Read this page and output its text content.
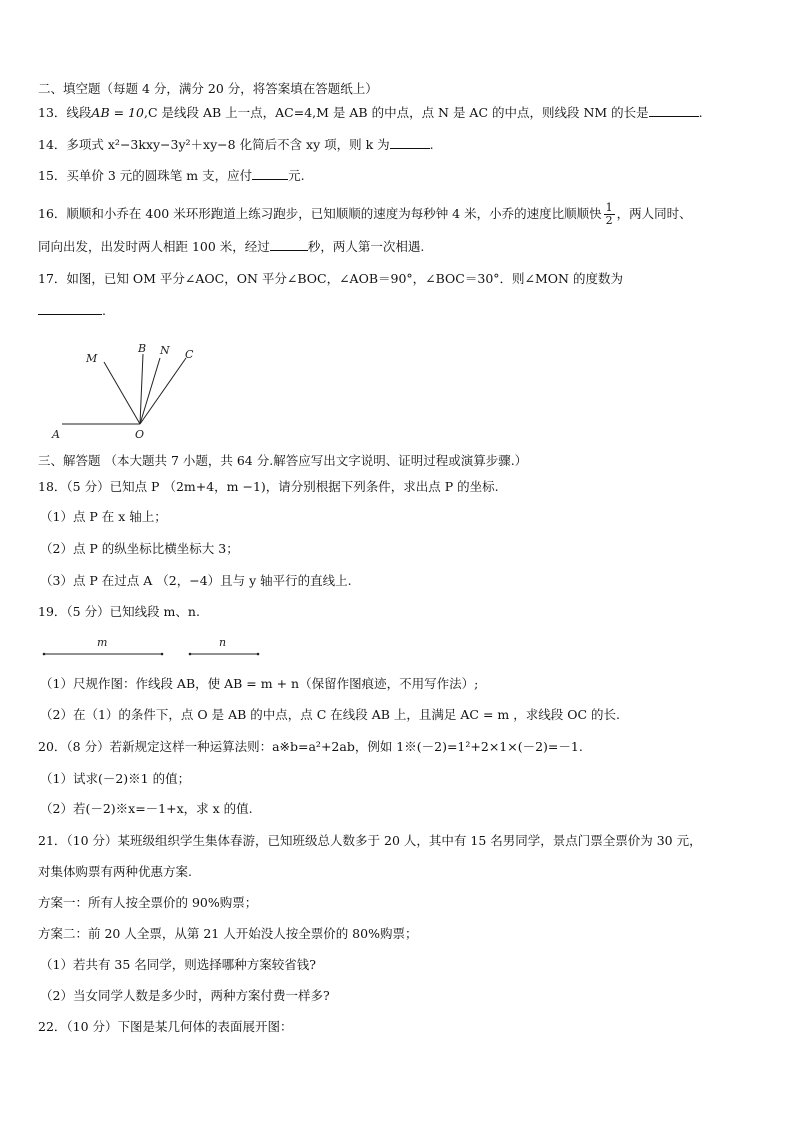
二、填空题（每题 4 分，满分 20 分，将答案填在答题纸上）
13．线段AB = 10,C 是线段 AB 上一点，AC=4,M 是 AB 的中点，点 N 是 AC 的中点，则线段 NM 的长是	.
14．多项式 x²−3kxy−3y²＋xy−8 化简后不含 xy 项，则 k 为	.
15．买单价 3 元的圆珠笔 m 支，应付	元.
16．顺顺和小乔在 400 米环形跑道上练习跑步，已知顺顺的速度为每秒钟 4 米，小乔的速度比顺顺快 $\frac{1}{2}$ ，两人同时、
同向出发，出发时两人相距 100 米，经过	秒，两人第一次相遇.
17．如图，已知 OM 平分∠AOC，ON 平分∠BOC，∠AOB＝90°，∠BOC＝30°．则∠MON 的度数为
.
M
B N C
A	O
三、解答题 （本大题共 7 小题，共 64 分.解答应写出文字说明、证明过程或演算步骤.）
18．（5 分）已知点 P （2m+4，m −1)，请分别根据下列条件，求出点 P 的坐标.
（1）点 P 在 x 轴上；
（2）点 P 的纵坐标比横坐标大 3；
（3）点 P 在过点 A （2，−4）且与 y 轴平行的直线上.
19．（5 分）已知线段 m、n.
m	n
（1）尺规作图：作线段 AB，使 AB = m + n（保留作图痕迹，不用写作法）;
（2）在（1）的条件下，点 O 是 AB 的中点，点 C 在线段 AB 上，且满足 AC = m ，求线段 OC 的长.
20．（8 分）若新规定这样一种运算法则：a※b=a²+2ab，例如 1※(－2)=1²+2×1×(－2)=－1.
（1）试求(－2)※1 的值；
（2）若(－2)※x=－1+x，求 x 的值.
21．（10 分）某班级组织学生集体春游，已知班级总人数多于 20 人，其中有 15 名男同学，景点门票全票价为 30 元，
对集体购票有两种优惠方案.
方案一：所有人按全票价的 90%购票；
方案二：前 20 人全票，从第 21 人开始没人按全票价的 80%购票；
（1）若共有 35 名同学，则选择哪种方案较省钱?
（2）当女同学人数是多少时，两种方案付费一样多?
22．（10 分）下图是某几何体的表面展开图：
